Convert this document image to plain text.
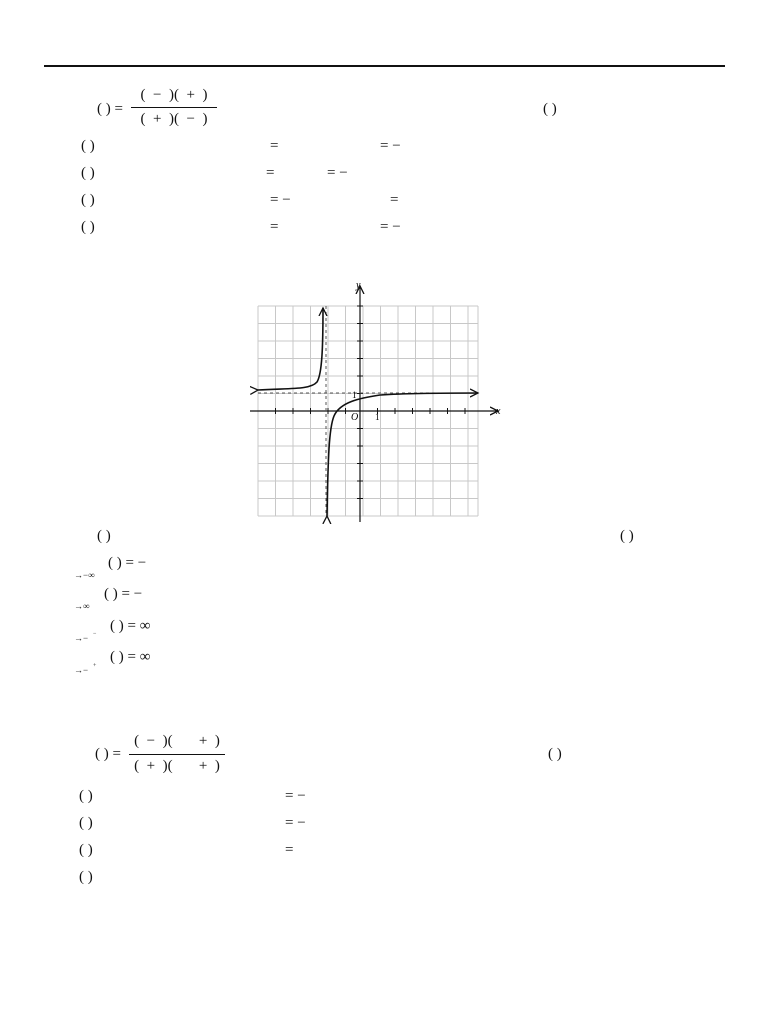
( ) =
(  −  )(  +  )
(  +  )(  −  )
( )
( )	=	= −
( )	=	= −
( )	= −	=
( )	=	= −
y
x
O 1
1
( )	( )
→−∞
( ) = −
→∞
( ) = −
→− − ( ) = ∞
→− +
( ) = ∞
( ) =
(  −  )(       +  )
(  +  )(       +  )
( )
( )	= −
( )	= −
( )	=
( )
